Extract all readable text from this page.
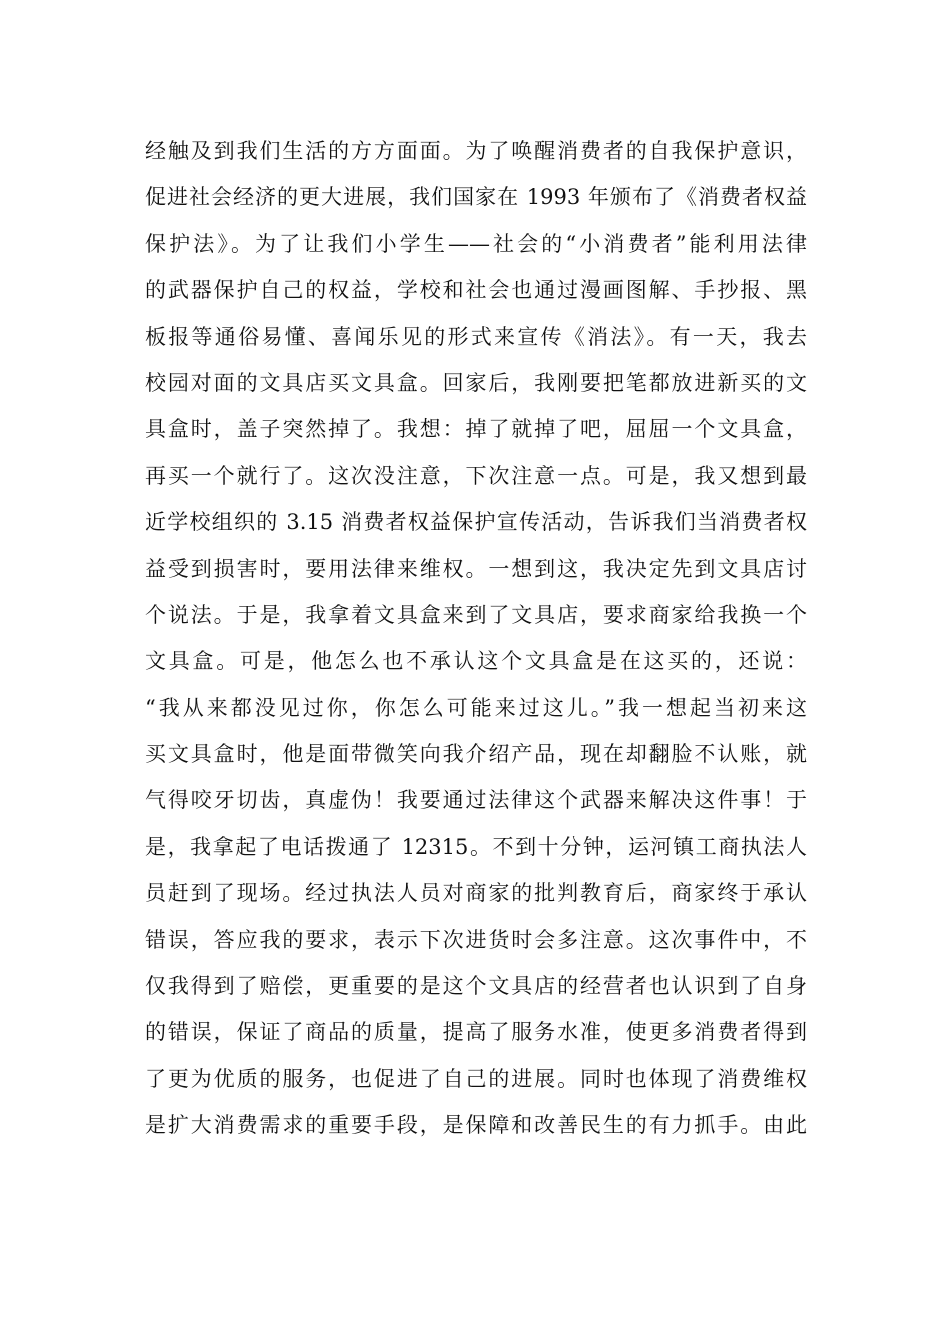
经触及到我们生活的方方面面。为了唤醒消费者的自我保护意识，
促进社会经济的更大进展，我们国家在 1993 年颁布了《消费者权益
保护法》。为了让我们小学生——社会的“小消费者”能利用法律
的武器保护自己的权益，学校和社会也通过漫画图解、手抄报、黑
板报等通俗易懂、喜闻乐见的形式来宣传《消法》。有一天，我去
校园对面的文具店买文具盒。回家后，我刚要把笔都放进新买的文
具盒时，盖子突然掉了。我想：掉了就掉了吧，屈屈一个文具盒，
再买一个就行了。这次没注意，下次注意一点。可是，我又想到最
近学校组织的 3.15 消费者权益保护宣传活动，告诉我们当消费者权
益受到损害时，要用法律来维权。一想到这，我决定先到文具店讨
个说法。于是，我拿着文具盒来到了文具店，要求商家给我换一个
文具盒。可是，他怎么也不承认这个文具盒是在这买的，还说：
“我从来都没见过你，你怎么可能来过这儿。”我一想起当初来这
买文具盒时，他是面带微笑向我介绍产品，现在却翻脸不认账，就
气得咬牙切齿，真虚伪！我要通过法律这个武器来解决这件事！于
是，我拿起了电话拨通了 12315。不到十分钟，运河镇工商执法人
员赶到了现场。经过执法人员对商家的批判教育后，商家终于承认
错误，答应我的要求，表示下次进货时会多注意。这次事件中，不
仅我得到了赔偿，更重要的是这个文具店的经营者也认识到了自身
的错误，保证了商品的质量，提高了服务水准，使更多消费者得到
了更为优质的服务，也促进了自己的进展。同时也体现了消费维权
是扩大消费需求的重要手段，是保障和改善民生的有力抓手。由此
